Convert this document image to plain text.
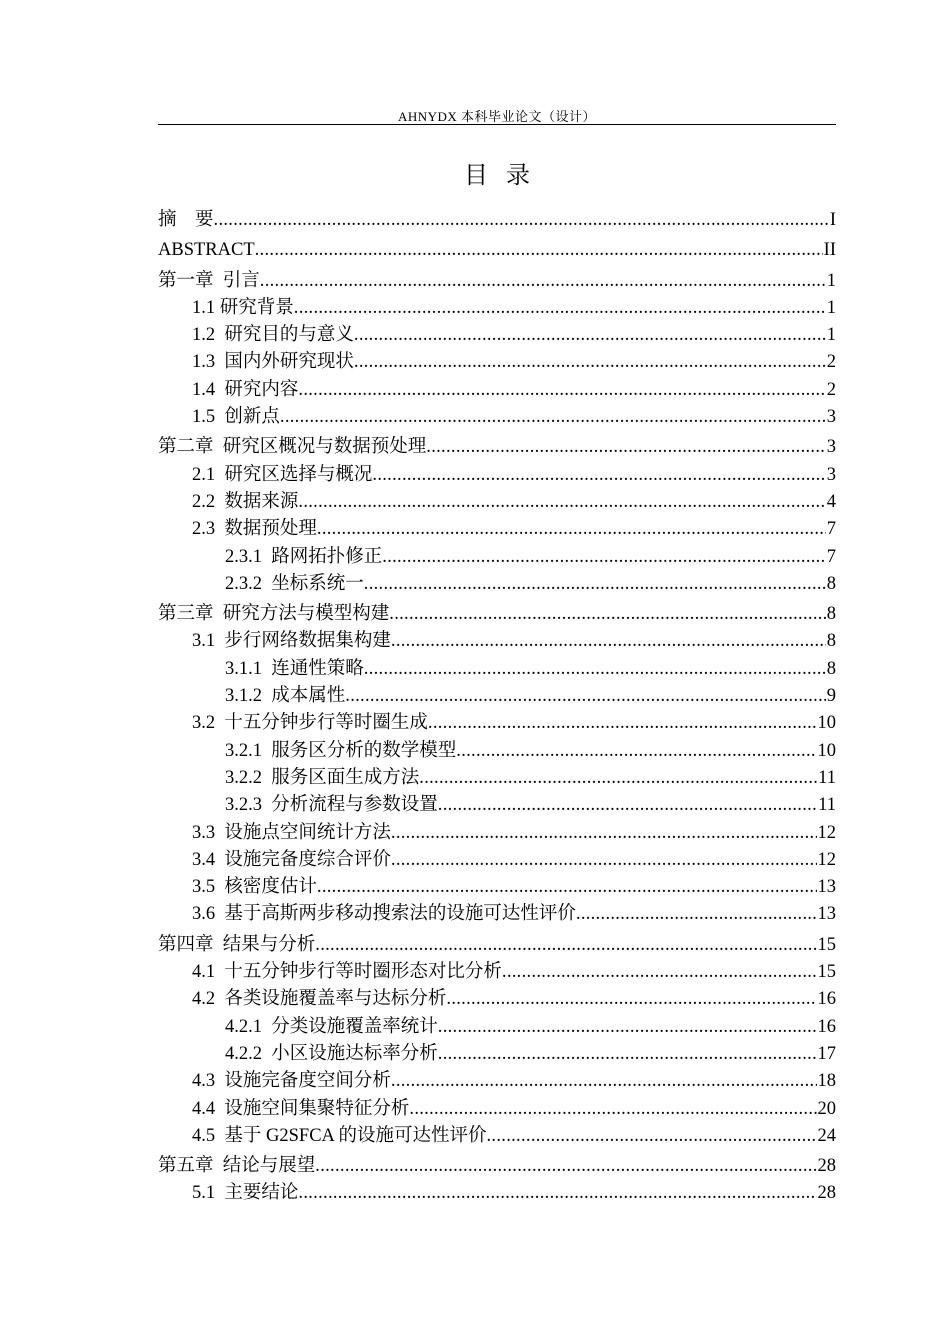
AHNYDX 本科毕业论文（设计）
目录
摘　要 .....	I
ABSTRACT .....	II
第一章  引言 .....	1
1.1 研究背景 .....	1
1.2  研究目的与意义 .....	1
1.3  国内外研究现状 .....	2
1.4  研究内容 .....	2
1.5  创新点 .....	3
第二章  研究区概况与数据预处理 .....	3
2.1  研究区选择与概况 .....	3
2.2  数据来源 .....	4
2.3  数据预处理 .....	7
2.3.1  路网拓扑修正 .....	7
2.3.2  坐标系统一 .....	8
第三章  研究方法与模型构建 .....	8
3.1  步行网络数据集构建 .....	8
3.1.1  连通性策略 .....	8
3.1.2  成本属性 .....	9
3.2  十五分钟步行等时圈生成 .....	10
3.2.1  服务区分析的数学模型 .....	10
3.2.2  服务区面生成方法 .....	11
3.2.3  分析流程与参数设置 .....	11
3.3  设施点空间统计方法 .....	12
3.4  设施完备度综合评价 .....	12
3.5  核密度估计 .....	13
3.6  基于高斯两步移动搜索法的设施可达性评价 .....	13
第四章  结果与分析 .....	15
4.1  十五分钟步行等时圈形态对比分析 .....	15
4.2  各类设施覆盖率与达标分析 .....	16
4.2.1  分类设施覆盖率统计 .....	16
4.2.2  小区设施达标率分析 .....	17
4.3  设施完备度空间分析 .....	18
4.4  设施空间集聚特征分析 .....	20
4.5  基于 G2SFCA 的设施可达性评价 .....	24
第五章  结论与展望 .....	28
5.1  主要结论 .....	28
